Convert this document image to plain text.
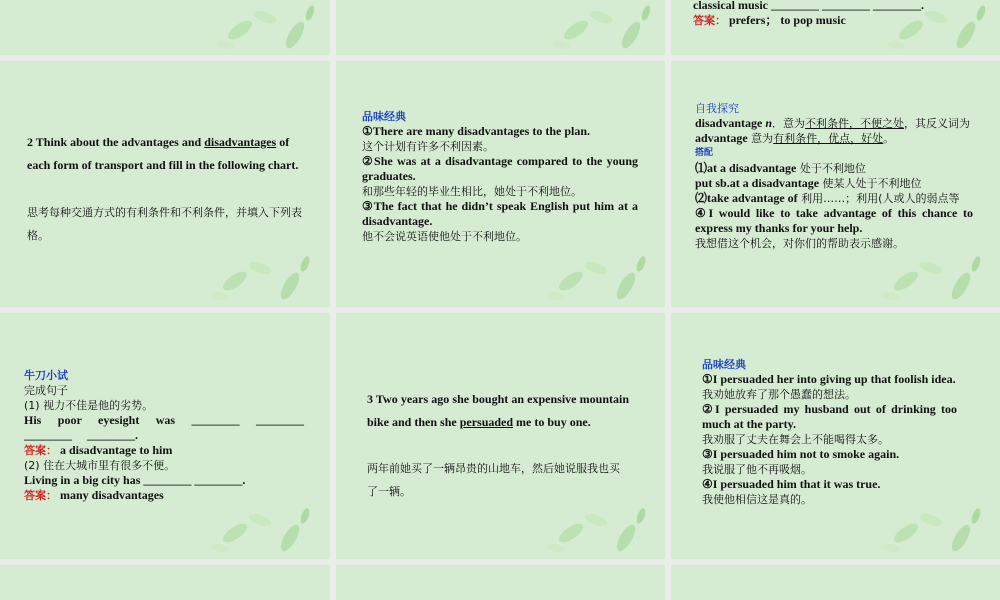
classical music ________ ________ ________.
答案： prefers； to pop music
2 Think about the advantages and disadvantages of each form of transport and fill in the following chart.
思考每种交通方式的有利条件和不利条件，并填入下列表格。
品味经典
①There are many disadvantages to the plan.
这个计划有许多不利因素。
②She was at a disadvantage compared to the young graduates.
和那些年轻的毕业生相比，她处于不利地位。
③The fact that he didn’t speak English put him at a disadvantage.
他不会说英语使他处于不利地位。
自我探究
disadvantage n．意为不利条件，不便之处，其反义词为 advantage 意为有利条件，优点，好处。
搭配
⑴at a disadvantage 处于不利地位
put sb.at a disadvantage 使某人处于不利地位
⑵take advantage of 利用……；利用(人或人的弱点等
④I would like to take advantage of this chance to express my thanks for your help.
我想借这个机会，对你们的帮助表示感谢。
牛刀小试
完成句子
(1) 视力不佳是他的劣势。
His poor eyesight was ________ ________ ________ ________.
答案： a disadvantage to him
(2) 住在大城市里有很多不便。
Living in a big city has ________ ________.
答案： many disadvantages
3 Two years ago she bought an expensive mountain bike and then she persuaded me to buy one.
两年前她买了一辆昂贵的山地车，然后她说服我也买了一辆。
品味经典
①I persuaded her into giving up that foolish idea.
我劝她放弃了那个愚蠢的想法。
②I persuaded my husband out of drinking too much at the party.
我劝服了丈夫在舞会上不能喝得太多。
③I persuaded him not to smoke again.
我说服了他不再吸烟。
④I persuaded him that it was true.
我使他相信这是真的。
